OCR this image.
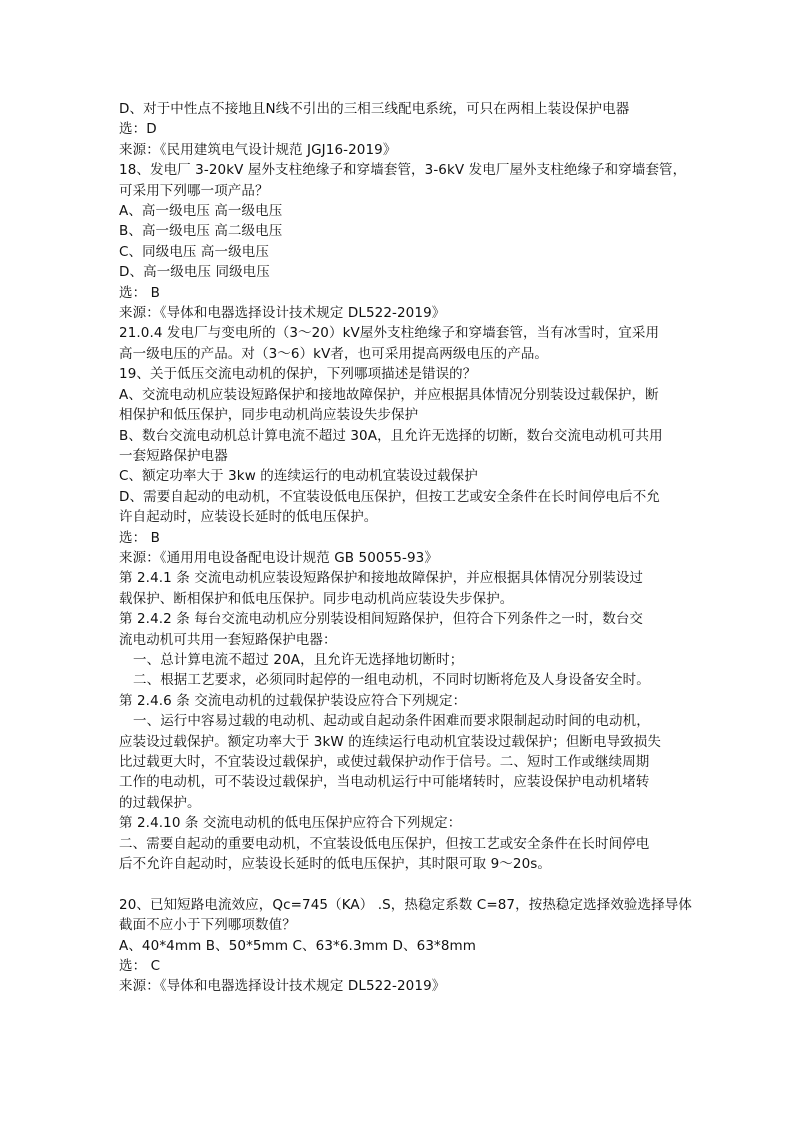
D、对于中性点不接地且N线不引出的三相三线配电系统，可只在两相上装设保护电器
选：D
来源：《民用建筑电气设计规范 JGJ16-2019》
18、发电厂 3-20kV 屋外支柱绝缘子和穿墙套管，3-6kV 发电厂屋外支柱绝缘子和穿墙套管，
可采用下列哪一项产品？
A、高一级电压 高一级电压
B、高一级电压 高二级电压
C、同级电压 高一级电压
D、高一级电压 同级电压
选： B
来源：《导体和电器选择设计技术规定 DL522-2019》
21.0.4 发电厂与变电所的（3～20）kV屋外支柱绝缘子和穿墙套管，当有冰雪时，宜采用
高一级电压的产品。对（3～6）kV者，也可采用提高两级电压的产品。
19、关于低压交流电动机的保护，下列哪项描述是错误的？
A、交流电动机应装设短路保护和接地故障保护，并应根据具体情况分别装设过载保护，断
相保护和低压保护，同步电动机尚应装设失步保护
B、数台交流电动机总计算电流不超过 30A，且允许无选择的切断，数台交流电动机可共用
一套短路保护电器
C、额定功率大于 3kw 的连续运行的电动机宜装设过载保护
D、需要自起动的电动机，不宜装设低电压保护，但按工艺或安全条件在长时间停电后不允
许自起动时，应装设长延时的低电压保护。
选： B
来源：《通用用电设备配电设计规范 GB 50055-93》
第 2.4.1 条 交流电动机应装设短路保护和接地故障保护，并应根据具体情况分别装设过
载保护、断相保护和低电压保护。同步电动机尚应装设失步保护。
第 2.4.2 条 每台交流电动机应分别装设相间短路保护，但符合下列条件之一时，数台交
流电动机可共用一套短路保护电器：
一、总计算电流不超过 20A，且允许无选择地切断时；
二、根据工艺要求，必须同时起停的一组电动机，不同时切断将危及人身设备安全时。
第 2.4.6 条 交流电动机的过载保护装设应符合下列规定：
一、运行中容易过载的电动机、起动或自起动条件困难而要求限制起动时间的电动机，
应装设过载保护。额定功率大于 3kW 的连续运行电动机宜装设过载保护；但断电导致损失
比过载更大时，不宜装设过载保护，或使过载保护动作于信号。二、短时工作或继续周期
工作的电动机，可不装设过载保护，当电动机运行中可能堵转时，应装设保护电动机堵转
的过载保护。
第 2.4.10 条 交流电动机的低电压保护应符合下列规定：
二、需要自起动的重要电动机，不宜装设低电压保护，但按工艺或安全条件在长时间停电
后不允许自起动时，应装设长延时的低电压保护，其时限可取 9～20s。
20、已知短路电流效应，Qc=745（KA） .S，热稳定系数 C=87，按热稳定选择效验选择导体
截面不应小于下列哪项数值？
A、40*4mm B、50*5mm C、63*6.3mm D、63*8mm
选： C
来源：《导体和电器选择设计技术规定 DL522-2019》
